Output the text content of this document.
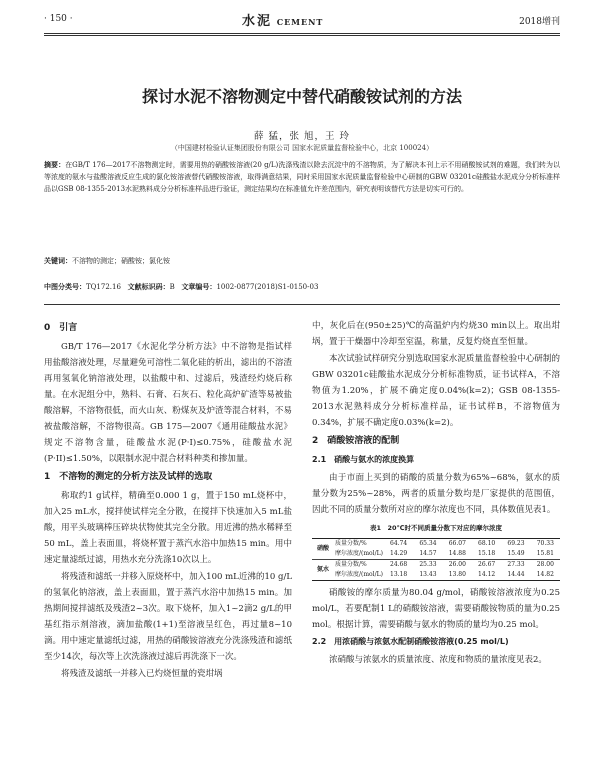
· 150 ·	水泥 CEMENT	2018增刊
探讨水泥不溶物测定中替代硝酸铵试剂的方法
薛 猛，张 旭，王 玲
（中国建材检验认证集团股份有限公司 国家水泥质量监督检验中心，北京 100024）
摘要：在GB/T 176—2017不溶物测定时，需要用热的硝酸铵溶液(20 g/L)洗涤残渣以除去沉淀中的不溶物质，为了解决本刊上示不用硝酸铵试剂的难题，我们转为以等浓度的氨水与盐酸溶液反应生成的氯化铵溶液替代硝酸铵溶液，取得满意结果，同时采用国家水泥质量监督检验中心研制的GBW 03201c硅酸盐水泥成分分析标准样品以GSB 08-1355-2013水泥熟料成分分析标准样品进行验证，测定结果均在标准值允许差范围内，研究表明该替代方法是切实可行的。
关键词：不溶物的测定；硝酸铵；氯化铵
中图分类号：TQ172.16 文献标识码：B 文章编号：1002-0877(2018)S1-0150-03
0　引言

GB/T 176—2017《水泥化学分析方法》中不溶物是指试样用盐酸溶液处理，尽量避免可溶性二氧化硅的析出，滤出的不溶渣再用氢氧化钠溶液处理，以盐酸中和、过滤后，残渣经灼烧后称量。在水泥组分中，熟料、石膏、石灰石、粒化高炉矿渣等易被盐酸溶解，不溶物很低，而火山灰、粉煤灰及炉渣等混合材料，不易被盐酸溶解，不溶物很高。GB 175—2007《通用硅酸盐水泥》规定不溶物含量，硅酸盐水泥(P·I)≤0.75%，硅酸盐水泥(P·II)≤1.50%，以限制水泥中混合材料种类和掺加量。

1　不溶物的测定的分析方法及试样的选取

称取约1 g试样，精确至0.000 1 g，置于150 mL烧杯中，加入25 mL水，搅拌使试样完全分散，在搅拌下快速加入5 mL盐酸，用平头玻璃棒压碎块状物使其完全分散。用近沸的热水稀释至50 mL，盖上表面皿，将烧杯置于蒸汽水浴中加热15 min。用中速定量滤纸过滤，用热水充分洗涤10次以上。

将残渣和滤纸一并移入原烧杯中，加入100 mL近沸的10 g/L的氢氧化钠溶液，盖上表面皿，置于蒸汽水浴中加热15 min。加热期间搅拌滤纸及残渣2~3次。取下烧杯，加入1~2滴2 g/L的甲基红指示剂溶液，滴加盐酸(1+1)至溶液呈红色，再过量8~10滴。用中速定量滤纸过滤，用热的硝酸铵溶液充分洗涤残渣和滤纸至少14次，每次等上次洗涤液过滤后再洗涤下一次。

将残渣及滤纸一并移入已灼烧恒量的瓷坩埚

中，灰化后在(950±25)℃的高温炉内灼烧30 min以上。取出坩埚，置于干燥器中冷却至室温，称量，反复灼烧直至恒量。

本次试验试样研究分别选取国家水泥质量监督检验中心研制的GBW 03201c硅酸盐水泥成分分析标准物质，证书试样A，不溶物值为1.20%，扩展不确定度0.04%(k=2)；GSB 08-1355-2013水泥熟料成分分析标准样品，证书试样B，不溶物值为0.34%，扩展不确定度0.03%(k=2)。

2　硝酸铵溶液的配制
2.1　硝酸与氨水的浓度换算

由于市面上买到的硝酸的质量分数为65%~68%，氨水的质量分数为25%~28%，两者的质量分数均是厂家提供的范围值，因此不同的质量分数所对应的摩尔浓度也不同，具体数值见表1。

表1　20℃时不同质量分数下对应的摩尔浓度
硝酸	质量分数/%	64.74	65.34	66.07	68.10	69.23	70.33
	摩尔浓度/(mol/L)	14.29	14.57	14.88	15.18	15.49	15.81
氨水	质量分数/%	24.68	25.33	26.00	26.67	27.33	28.00
	摩尔浓度/(mol/L)	13.18	13.43	13.80	14.12	14.44	14.82

硝酸铵的摩尔质量为80.04 g/mol，硝酸铵溶液浓度为0.25 mol/L，若要配制1 L的硝酸铵溶液，需要硝酸铵物质的量为0.25 mol。根据计算，需要硝酸与氨水的物质的量均为0.25 mol。

2.2　用浓硝酸与浓氨水配制硝酸铵溶液(0.25 mol/L)

浓硝酸与浓氨水的质量浓度、浓度和物质的量浓度见表2。
